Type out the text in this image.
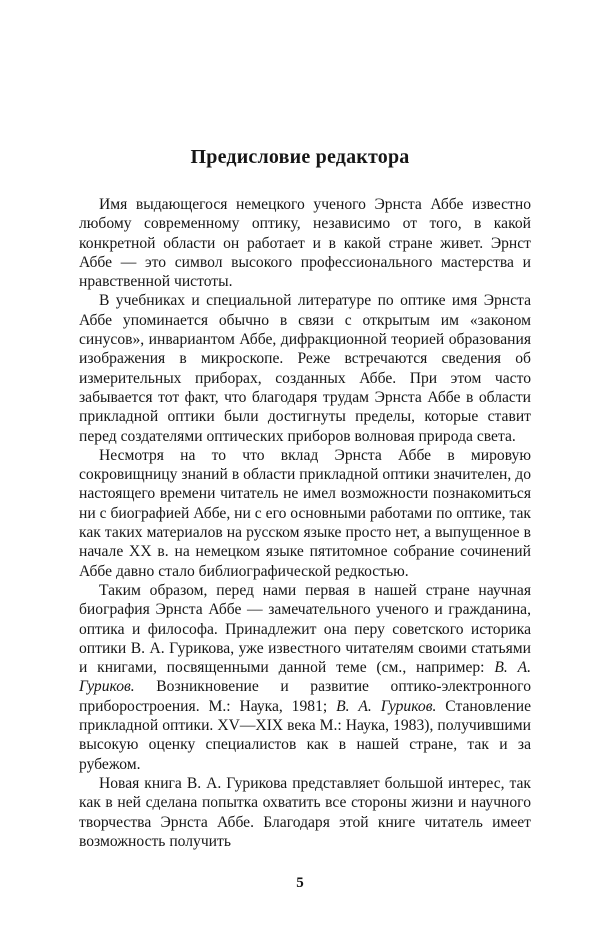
Предисловие редактора

Имя выдающегося немецкого ученого Эрнста Аббе известно любому современному оптику, независимо от того, в какой конкретной области он работает и в какой стране живет. Эрнст Аббе — это символ высокого профессионального мастерства и нравственной чистоты.

В учебниках и специальной литературе по оптике имя Эрнста Аббе упоминается обычно в связи с открытым им «законом синусов», инвариантом Аббе, дифракционной теорией образования изображения в микроскопе. Реже встречаются сведения об измерительных приборах, созданных Аббе. При этом часто забывается тот факт, что благодаря трудам Эрнста Аббе в области прикладной оптики были достигнуты пределы, которые ставит перед создателями оптических приборов волновая природа света.

Несмотря на то что вклад Эрнста Аббе в мировую сокровищницу знаний в области прикладной оптики значителен, до настоящего времени читатель не имел возможности познакомиться ни с биографией Аббе, ни с его основными работами по оптике, так как таких материалов на русском языке просто нет, а выпущенное в начале XX в. на немецком языке пятитомное собрание сочинений Аббе давно стало библиографической редкостью.

Таким образом, перед нами первая в нашей стране научная биография Эрнста Аббе — замечательного ученого и гражданина, оптика и философа. Принадлежит она перу советского историка оптики В. А. Гурикова, уже известного читателям своими статьями и книгами, посвященными данной теме (см., например: В. А. Гуриков. Возникновение и развитие оптико-электронного приборостроения. М.: Наука, 1981; В. А. Гуриков. Становление прикладной оптики. XV—XIX века М.: Наука, 1983), получившими высокую оценку специалистов как в нашей стране, так и за рубежом.

Новая книга В. А. Гурикова представляет большой интерес, так как в ней сделана попытка охватить все стороны жизни и научного творчества Эрнста Аббе. Благодаря этой книге читатель имеет возможность получить

5
